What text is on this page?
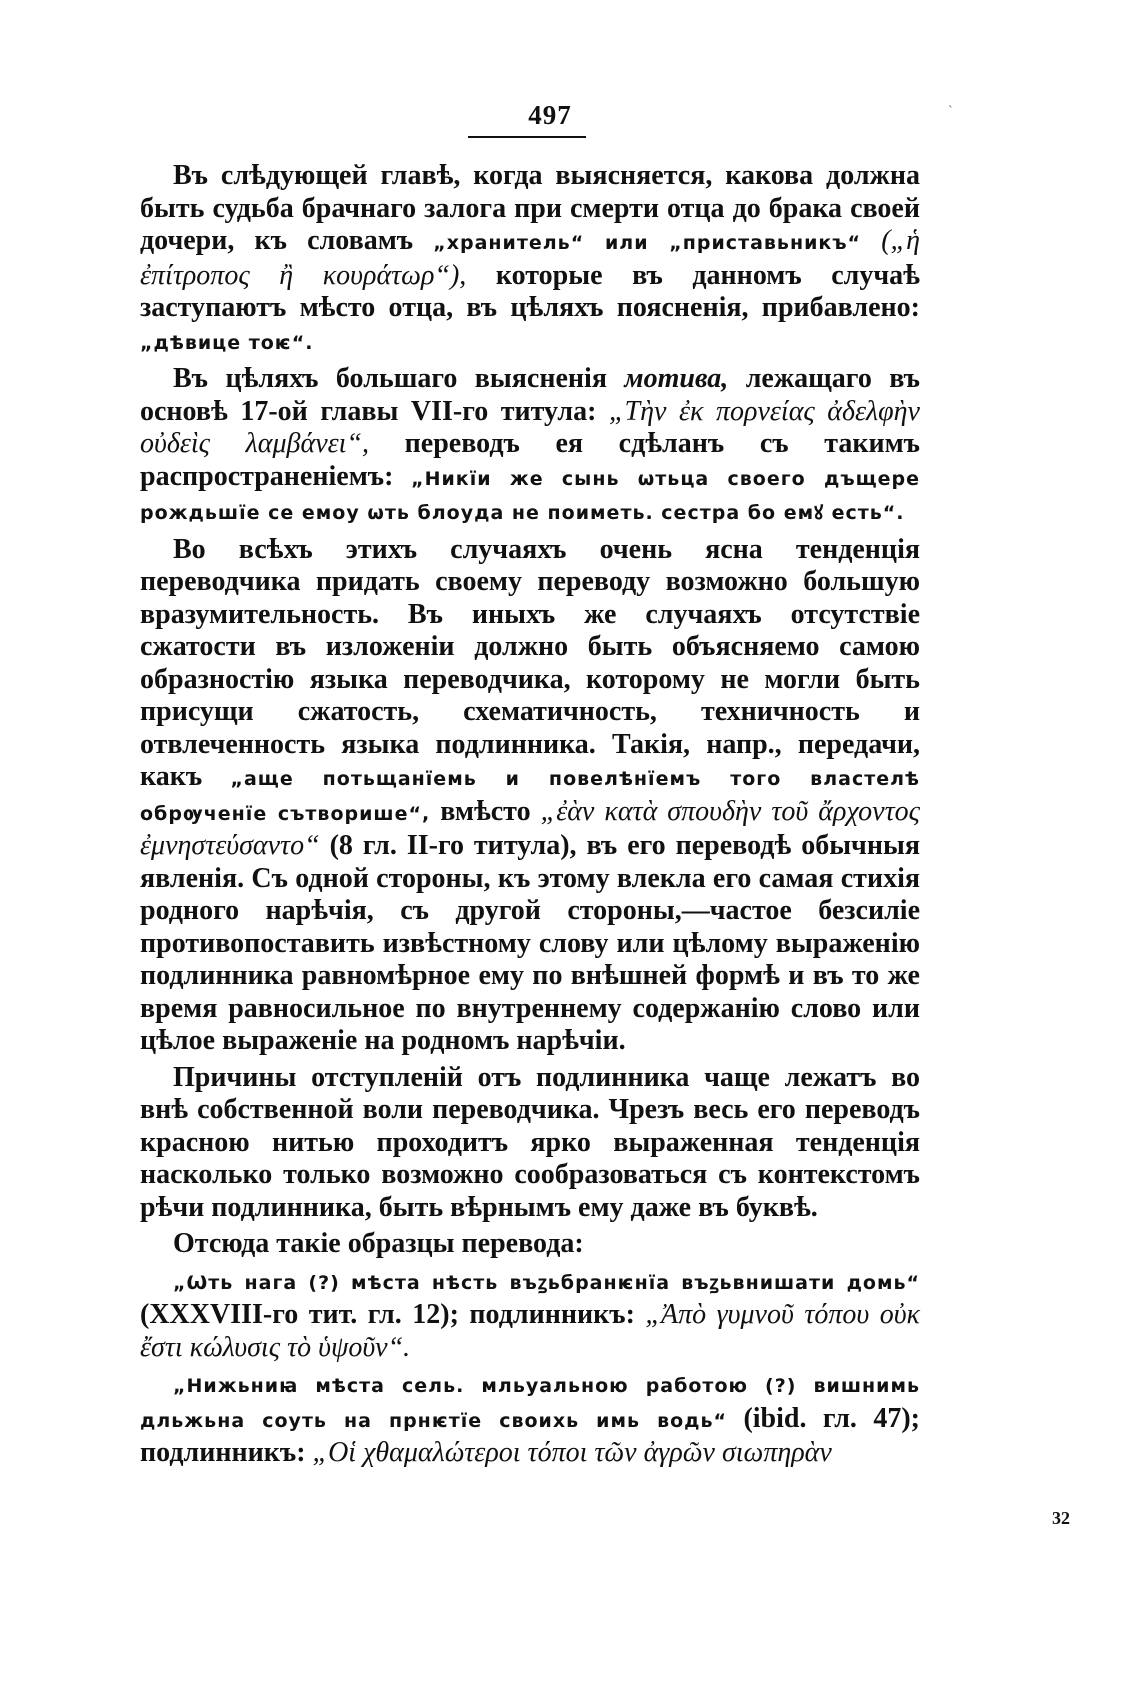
`
497

Въ слѣдующей главѣ, когда выясняется, какова должна быть судьба брачнаго залога при смерти отца до брака своей дочери, къ словамъ „хранитель“ или „приставьникъ“ („ἡ ἐπίτροπος ἢ κουράτωρ“), которые въ данномъ случаѣ заступаютъ мѣсто отца, въ цѣляхъ поясненія, прибавлено: „дѣвице тоѥ“.

Въ цѣляхъ большаго выясненія мотива, лежащаго въ основѣ 17-ой главы VII-го титула: „Τὴν ἐκ πορνείας ἀδελφὴν οὐδεὶς λαμβάνει“, переводъ ея сдѣланъ съ такимъ распространеніемъ: „Никїи же сынь ѡтьца своего дъщере рождьшїе се емоу ѡть блоуда не поиметь. сестра бо емꙋ есть“.

Во всѣхъ этихъ случаяхъ очень ясна тенденція переводчика придать своему переводу возможно большую вразумительность. Въ иныхъ же случаяхъ отсутствіе сжатости въ изложеніи должно быть объясняемо самою образностію языка переводчика, которому не могли быть присущи сжатость, схематичность, техничность и отвлеченность языка подлинника. Такія, напр., передачи, какъ „аще потьщанїемь и повелѣнїемъ того властелѣ обрѹченїе сътворише“, вмѣсто „ἐὰν κατὰ σπουδὴν τοῦ ἄρχοντος ἐμνηστεύσαντο“ (8 гл. II-го титула), въ его переводѣ обычныя явленія. Съ одной стороны, къ этому влекла его самая стихія родного нарѣчія, съ другой стороны,—частое безсиліе противопоставить извѣстному слову или цѣлому выраженію подлинника равномѣрное ему по внѣшней формѣ и въ то же время равносильное по внутреннему содержанію слово или цѣлое выраженіе на родномъ нарѣчіи.

Причины отступленій отъ подлинника чаще лежатъ во внѣ собственной воли переводчика. Чрезъ весь его переводъ красною нитью проходитъ ярко выраженная тенденція насколько только возможно сообразоваться съ контекстомъ рѣчи подлинника, быть вѣрнымъ ему даже въ буквѣ.

Отсюда такіе образцы перевода:

„Ѡть нага (?) мѣста нѣсть въꙁьбранѥнїа въꙁьвнишати домь“ (XXXVIII-го тит. гл. 12); подлинникъ: „Ἀπὸ γυμνοῦ τόπου οὐκ ἔστι κώλυσις τὸ ὑψοῦν“.

„Нижьниꙗ мѣста сель. мльуальною работою (?) вишнимь дльжьна соуть на прнѥтїе своихь имь водь“ (ibid. гл. 47); подлинникъ: „Οἱ χθαμαλώτεροι τόποι τῶν ἀγρῶν σιωπηρὰν

32
